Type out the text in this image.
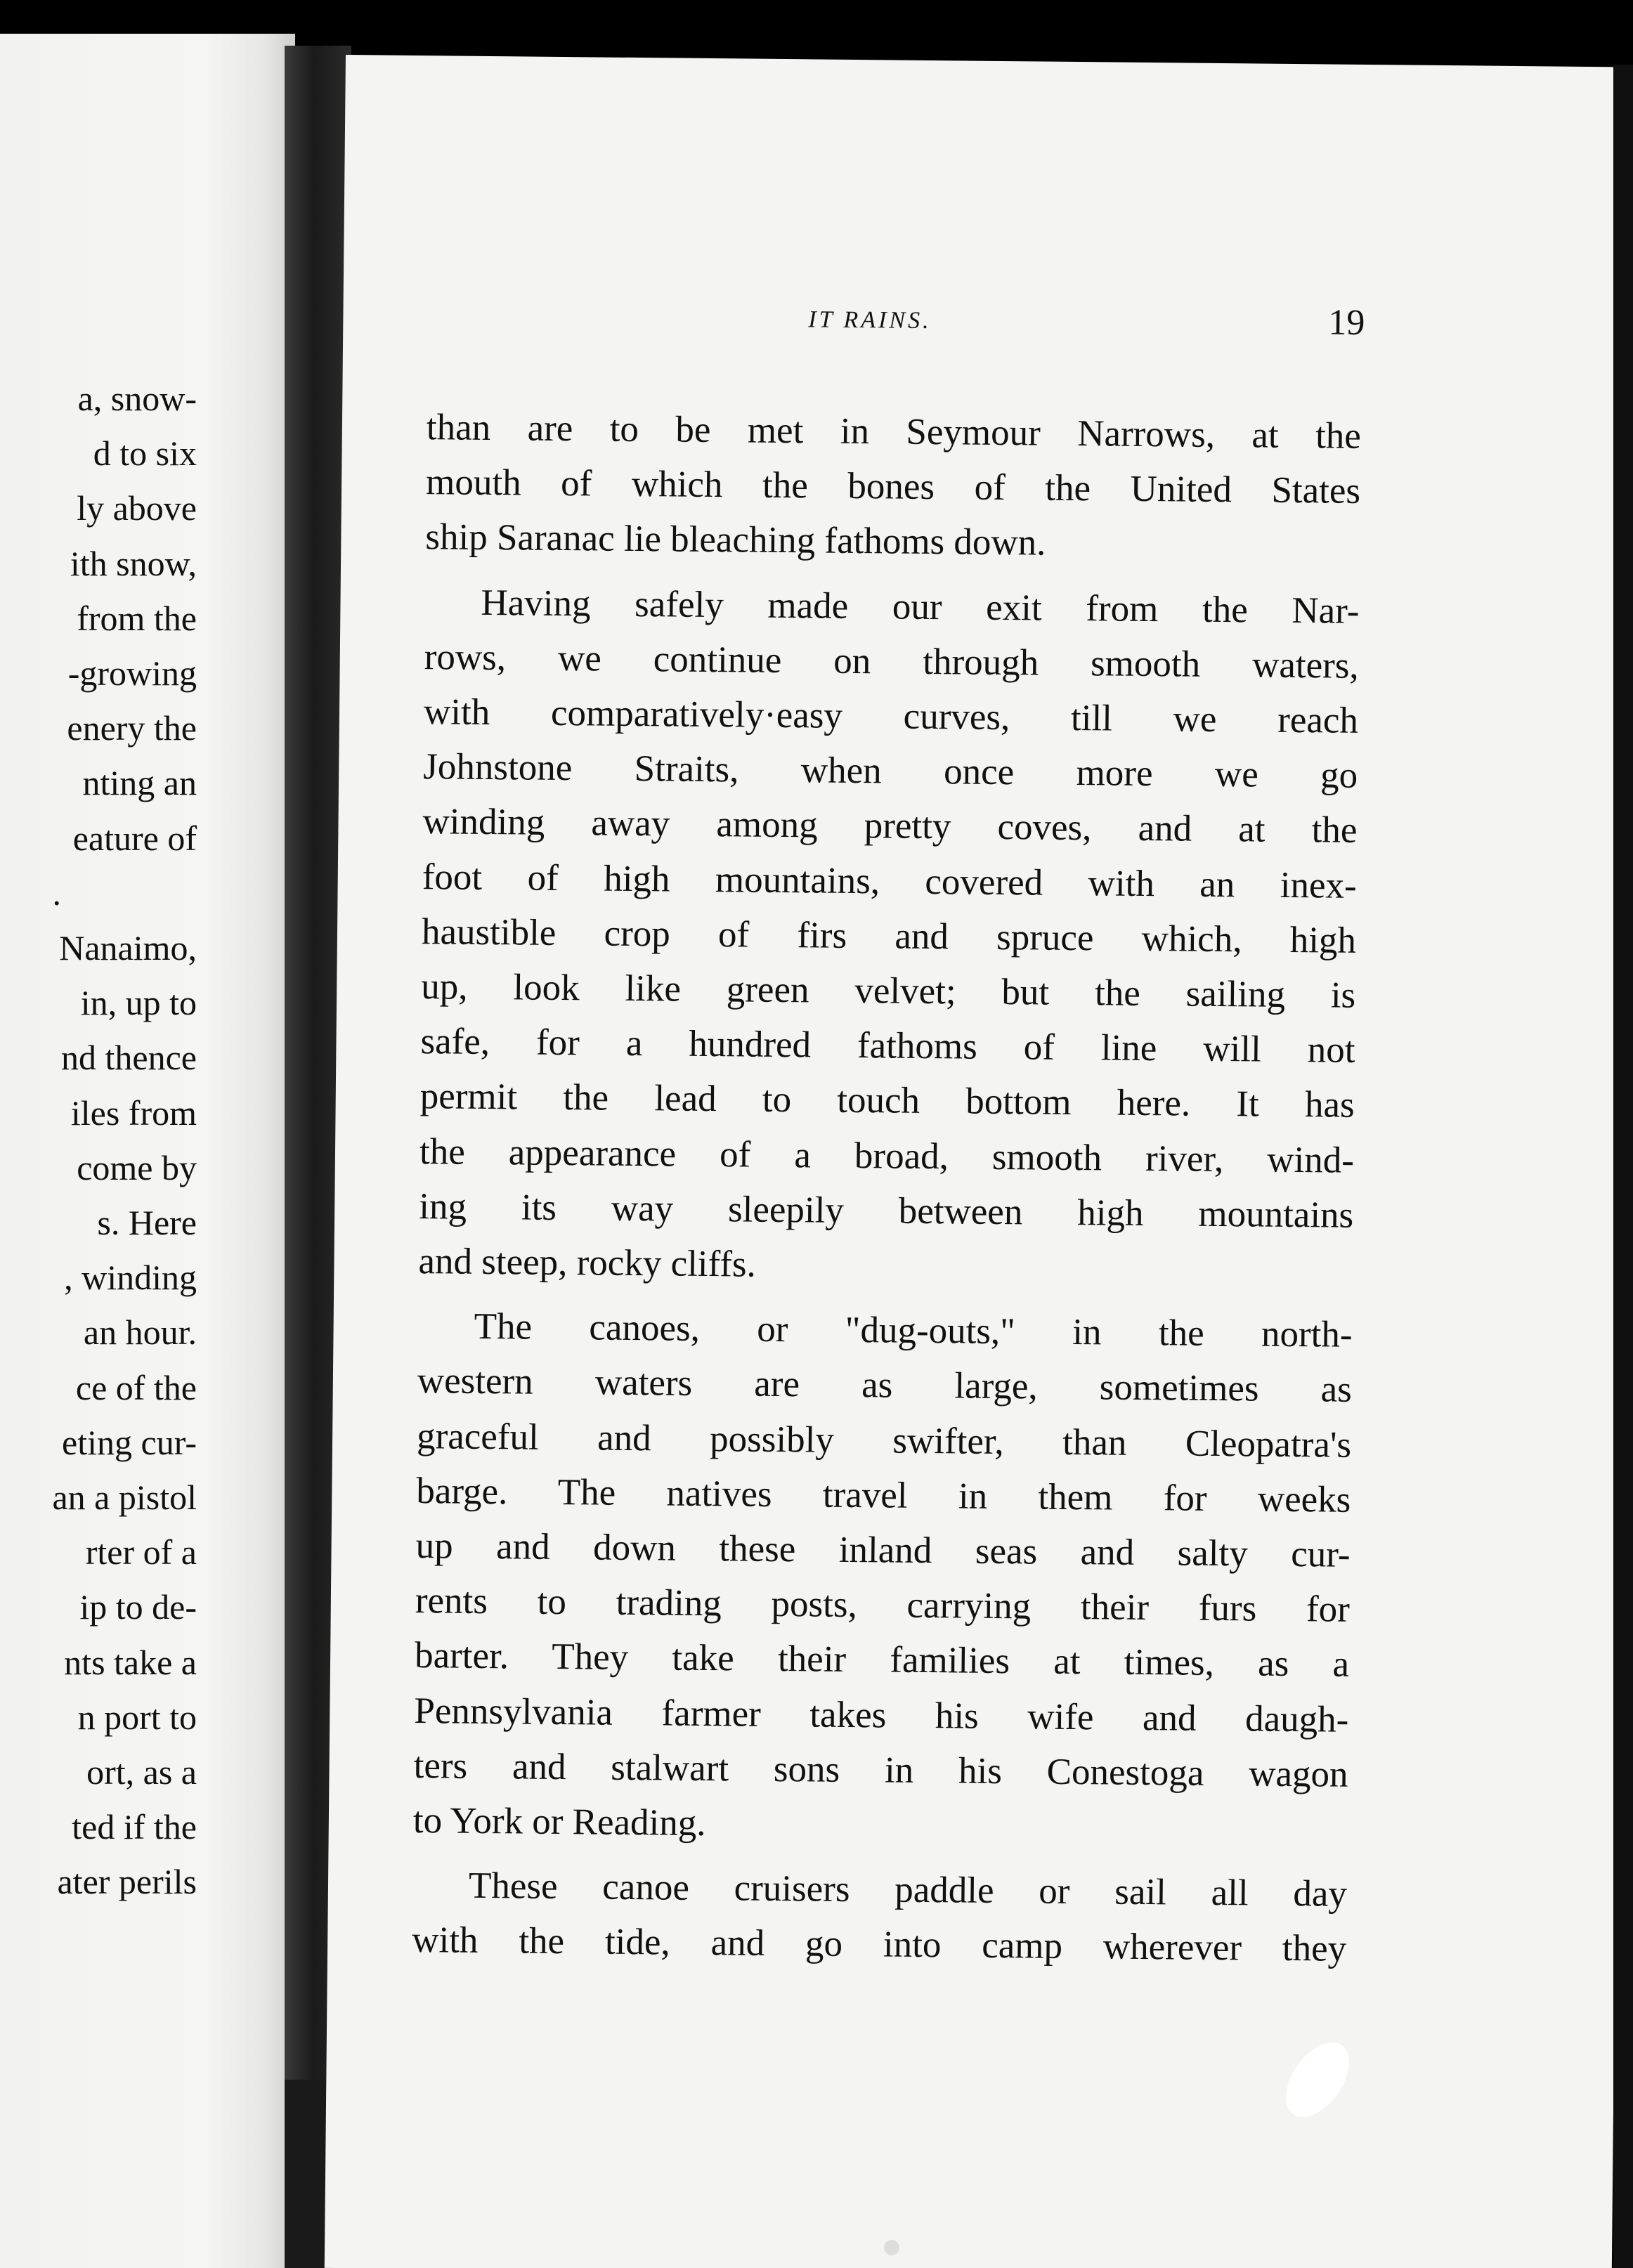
a, snow-
d to six
ly above
ith snow,
from the
-growing
enery the
nting an
eature of
.
Nanaimo,
in, up to
nd thence
iles from
come by
s. Here
, winding
an hour.
ce of the
eting cur-
an a pistol
rter of a
ip to de-
nts take a
n port to
ort, as a
ted if the
ater perils
IT RAINS.	19
than are to be met in Seymour Narrows, at the
mouth of which the bones of the United States
ship Saranac lie bleaching fathoms down.
Having safely made our exit from the Nar-
rows, we continue on through smooth waters,
with comparatively·easy curves, till we reach
Johnstone Straits, when once more we go
winding away among pretty coves, and at the
foot of high mountains, covered with an inex-
haustible crop of firs and spruce which, high
up, look like green velvet; but the sailing is
safe, for a hundred fathoms of line will not
permit the lead to touch bottom here. It has
the appearance of a broad, smooth river, wind-
ing its way sleepily between high mountains
and steep, rocky cliffs.
The canoes, or "dug-outs," in the north-
western waters are as large, sometimes as
graceful and possibly swifter, than Cleopatra's
barge. The natives travel in them for weeks
up and down these inland seas and salty cur-
rents to trading posts, carrying their furs for
barter. They take their families at times, as a
Pennsylvania farmer takes his wife and daugh-
ters and stalwart sons in his Conestoga wagon
to York or Reading.
These canoe cruisers paddle or sail all day
with the tide, and go into camp wherever they
